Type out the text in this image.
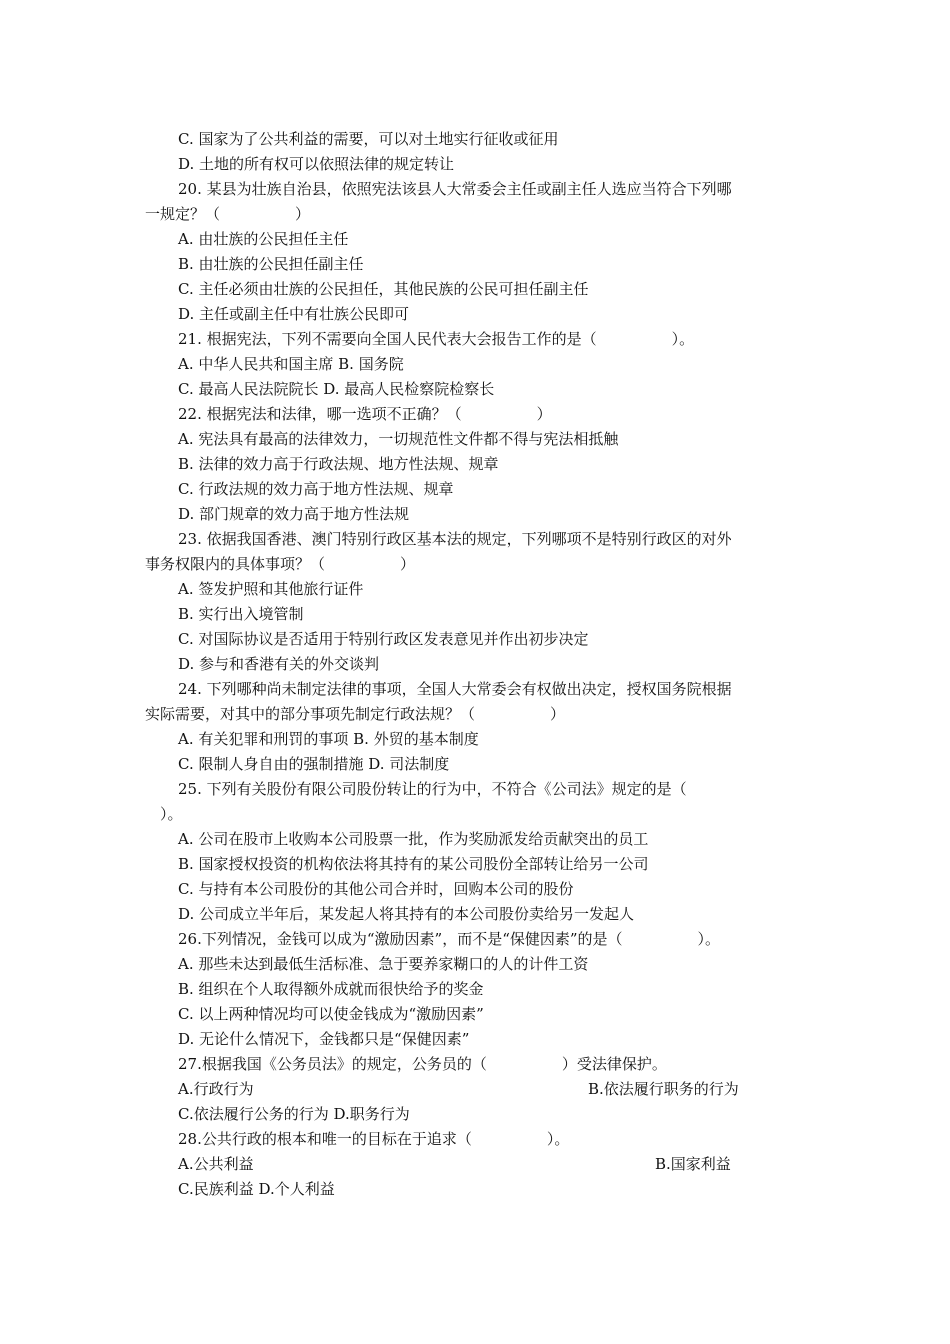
C. 国家为了公共利益的需要，可以对土地实行征收或征用
D. 土地的所有权可以依照法律的规定转让
20. 某县为壮族自治县，依照宪法该县人大常委会主任或副主任人选应当符合下列哪
一规定？（　　　　　）
A. 由壮族的公民担任主任
B. 由壮族的公民担任副主任
C. 主任必须由壮族的公民担任，其他民族的公民可担任副主任
D. 主任或副主任中有壮族公民即可
21. 根据宪法，下列不需要向全国人民代表大会报告工作的是（　　　　　）。
A. 中华人民共和国主席 B. 国务院
C. 最高人民法院院长 D. 最高人民检察院检察长
22. 根据宪法和法律，哪一选项不正确？（　　　　　）
A. 宪法具有最高的法律效力，一切规范性文件都不得与宪法相抵触
B. 法律的效力高于行政法规、地方性法规、规章
C. 行政法规的效力高于地方性法规、规章
D. 部门规章的效力高于地方性法规
23. 依据我国香港、澳门特别行政区基本法的规定，下列哪项不是特别行政区的对外
事务权限内的具体事项？（　　　　　）
A. 签发护照和其他旅行证件
B. 实行出入境管制
C. 对国际协议是否适用于特别行政区发表意见并作出初步决定
D. 参与和香港有关的外交谈判
24. 下列哪种尚未制定法律的事项，全国人大常委会有权做出决定，授权国务院根据
实际需要，对其中的部分事项先制定行政法规？（　　　　　）
A. 有关犯罪和刑罚的事项 B. 外贸的基本制度
C. 限制人身自由的强制措施 D. 司法制度
25. 下列有关股份有限公司股份转让的行为中，不符合《公司法》规定的是（
）。
A. 公司在股市上收购本公司股票一批，作为奖励派发给贡献突出的员工
B. 国家授权投资的机构依法将其持有的某公司股份全部转让给另一公司
C. 与持有本公司股份的其他公司合并时，回购本公司的股份
D. 公司成立半年后，某发起人将其持有的本公司股份卖给另一发起人
26.下列情况，金钱可以成为“激励因素”，而不是“保健因素”的是（　　　　　）。
A. 那些未达到最低生活标准、急于要养家糊口的人的计件工资
B. 组织在个人取得额外成就而很快给予的奖金
C. 以上两种情况均可以使金钱成为“激励因素”
D. 无论什么情况下，金钱都只是“保健因素”
27.根据我国《公务员法》的规定，公务员的（　　　　　）受法律保护。
A.行政行为	B.依法履行职务的行为
C.依法履行公务的行为 D.职务行为
28.公共行政的根本和唯一的目标在于追求（　　　　　）。
A.公共利益	B.国家利益
C.民族利益 D.个人利益
